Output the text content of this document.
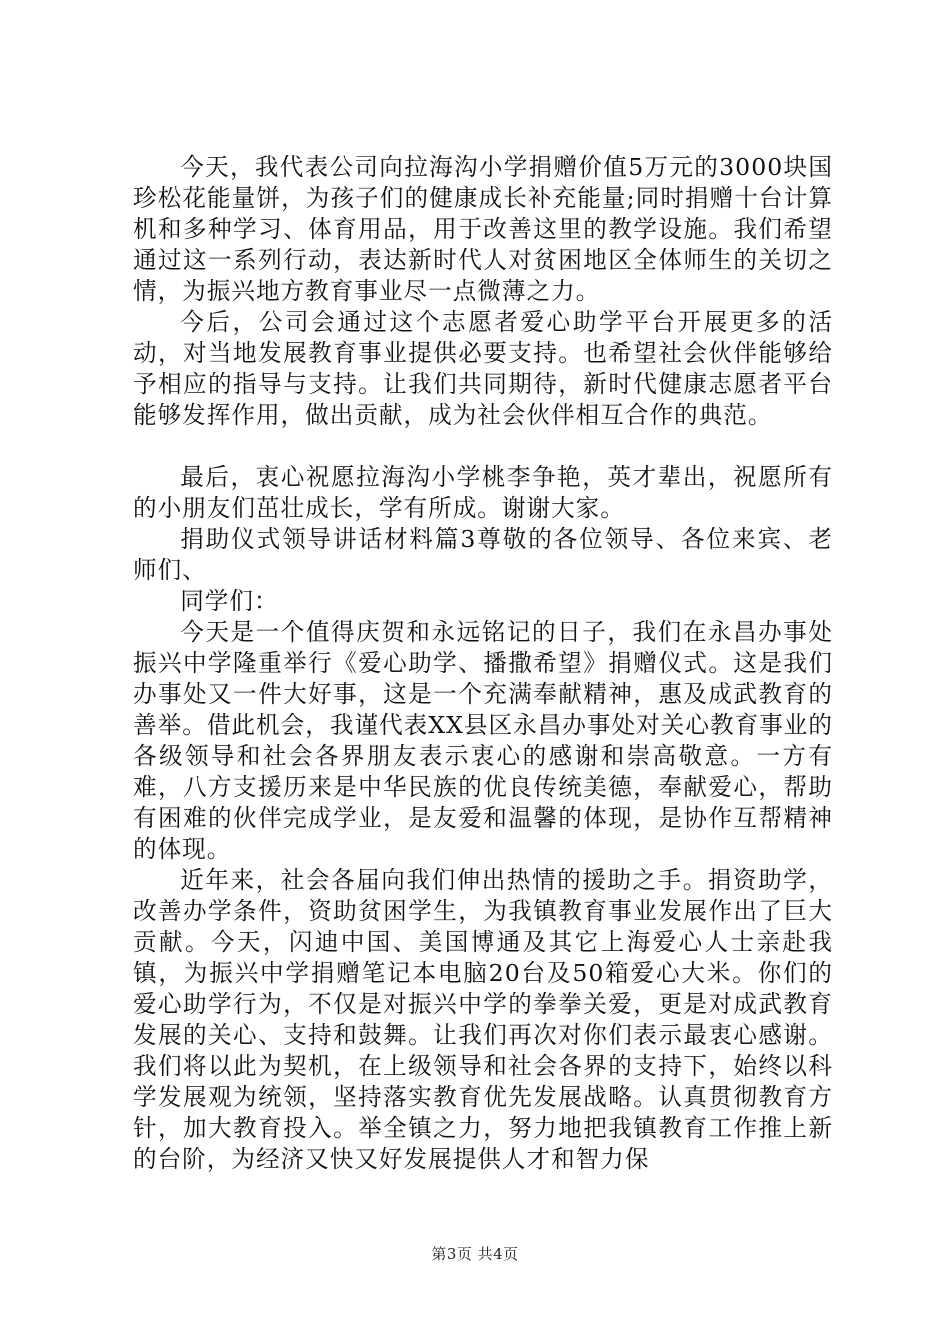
今天，我代表公司向拉海沟小学捐赠价值5万元的3000块国珍松花能量饼，为孩子们的健康成长补充能量;同时捐赠十台计算机和多种学习、体育用品，用于改善这里的教学设施。我们希望通过这一系列行动，表达新时代人对贫困地区全体师生的关切之情，为振兴地方教育事业尽一点微薄之力。

今后，公司会通过这个志愿者爱心助学平台开展更多的活动，对当地发展教育事业提供必要支持。也希望社会伙伴能够给予相应的指导与支持。让我们共同期待，新时代健康志愿者平台能够发挥作用，做出贡献，成为社会伙伴相互合作的典范。

最后，衷心祝愿拉海沟小学桃李争艳，英才辈出，祝愿所有的小朋友们茁壮成长，学有所成。谢谢大家。

捐助仪式领导讲话材料篇3尊敬的各位领导、各位来宾、老师们、

同学们：

今天是一个值得庆贺和永远铭记的日子，我们在永昌办事处振兴中学隆重举行《爱心助学、播撒希望》捐赠仪式。这是我们办事处又一件大好事，这是一个充满奉献精神，惠及成武教育的善举。借此机会，我谨代表XX县区永昌办事处对关心教育事业的各级领导和社会各界朋友表示衷心的感谢和崇高敬意。一方有难，八方支援历来是中华民族的优良传统美德，奉献爱心，帮助有困难的伙伴完成学业，是友爱和温馨的体现，是协作互帮精神的体现。

近年来，社会各届向我们伸出热情的援助之手。捐资助学，改善办学条件，资助贫困学生，为我镇教育事业发展作出了巨大贡献。今天，闪迪中国、美国博通及其它上海爱心人士亲赴我镇，为振兴中学捐赠笔记本电脑20台及50箱爱心大米。你们的爱心助学行为，不仅是对振兴中学的拳拳关爱，更是对成武教育发展的关心、支持和鼓舞。让我们再次对你们表示最衷心感谢。我们将以此为契机，在上级领导和社会各界的支持下，始终以科学发展观为统领，坚持落实教育优先发展战略。认真贯彻教育方针，加大教育投入。举全镇之力，努力地把我镇教育工作推上新的台阶，为经济又快又好发展提供人才和智力保

第3页 共4页
